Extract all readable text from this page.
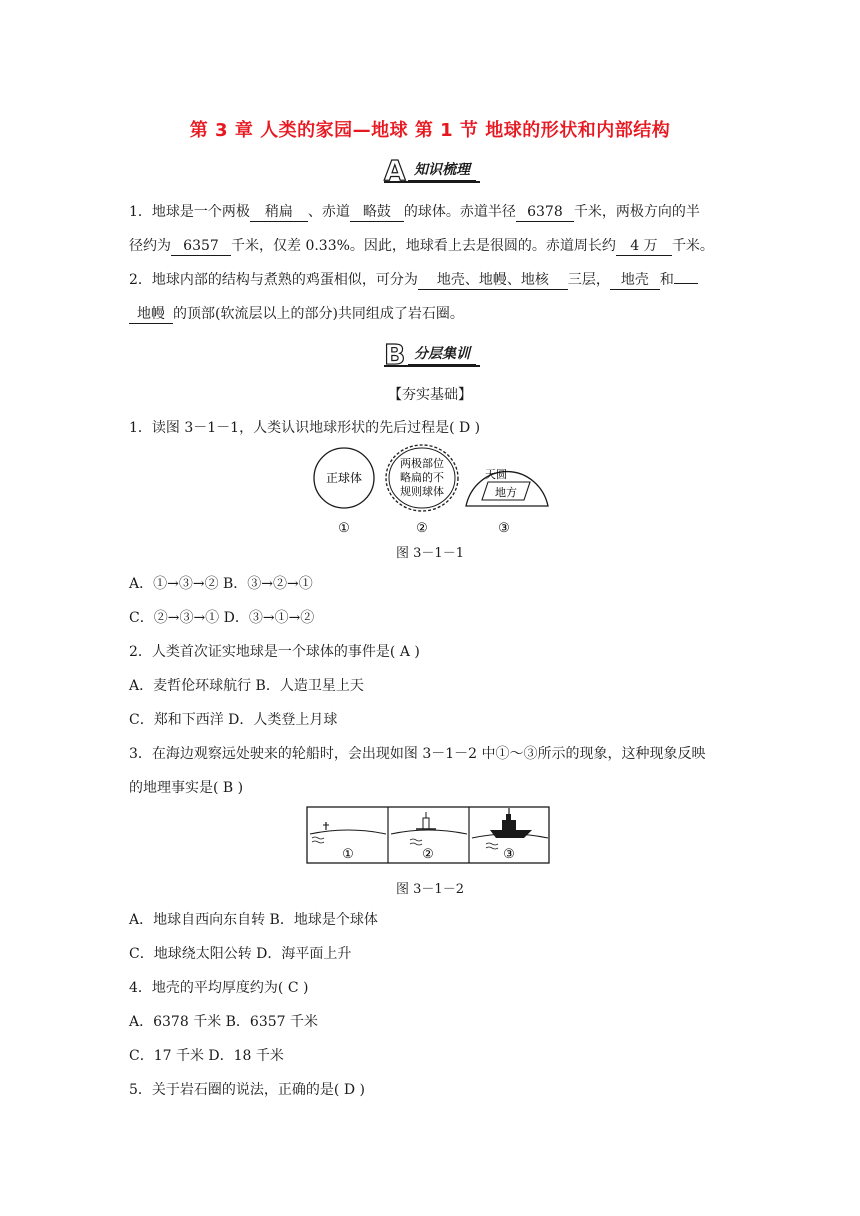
第 3 章 人类的家园—地球 第 1 节 地球的形状和内部结构
A 知识梳理
1．地球是一个两极 稍扁 、赤道 略鼓 的球体。赤道半径 6378 千米，两极方向的半
径约为 6357 千米，仅差 0.33%。因此，地球看上去是很圆的。赤道周长约 4 万 千米。
2．地球内部的结构与煮熟的鸡蛋相似，可分为 地壳、地幔、地核 三层， 地壳 和
地幔 的顶部(软流层以上的部分)共同组成了岩石圈。
B 分层集训
【夯实基础】
1．读图 3－1－1，人类认识地球形状的先后过程是( D )
正球体
两极部位
略扁的不
规则球体
天圆
地方
①	②	③
图 3－1－1
A．①→③→② B．③→②→①
C．②→③→① D．③→①→②
2．人类首次证实地球是一个球体的事件是( A )
A．麦哲伦环球航行 B．人造卫星上天
C．郑和下西洋 D．人类登上月球
3．在海边观察远处驶来的轮船时，会出现如图 3－1－2 中①～③所示的现象，这种现象反映
的地理事实是( B )
①	②	③
图 3－1－2
A．地球自西向东自转 B．地球是个球体
C．地球绕太阳公转 D．海平面上升
4．地壳的平均厚度约为( C )
A．6378 千米 B．6357 千米
C．17 千米 D．18 千米
5．关于岩石圈的说法，正确的是( D )
